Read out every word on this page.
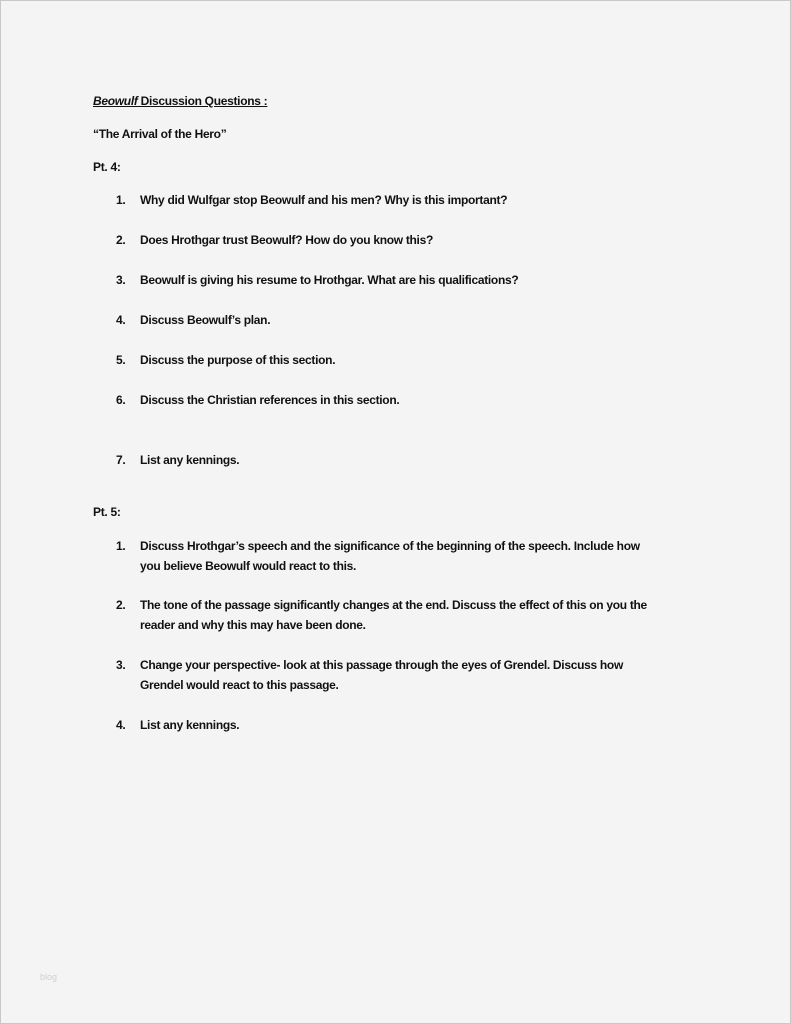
Beowulf Discussion Questions :
“The Arrival of the Hero”
Pt. 4:
1. Why did Wulfgar stop Beowulf and his men? Why is this important?
2. Does Hrothgar trust Beowulf? How do you know this?
3. Beowulf is giving his resume to Hrothgar. What are his qualifications?
4. Discuss Beowulf’s plan.
5. Discuss the purpose of this section.
6. Discuss the Christian references in this section.
7. List any kennings.
Pt. 5:
1. Discuss Hrothgar’s speech and the significance of the beginning of the speech. Include how
you believe Beowulf would react to this.
2. The tone of the passage significantly changes at the end. Discuss the effect of this on you the
reader and why this may have been done.
3. Change your perspective- look at this passage through the eyes of Grendel. Discuss how
Grendel would react to this passage.
4. List any kennings.
blog
